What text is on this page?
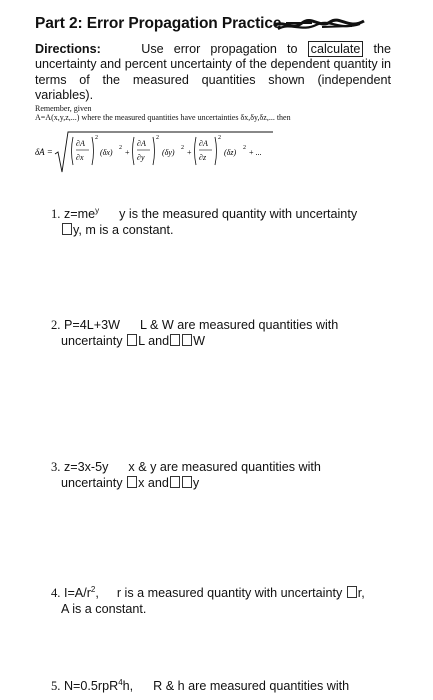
Part 2: Error Propagation Practice-
Directions:	Use error propagation to calculate the uncertainty and percent uncertainty of the dependent quantity in terms of the measured quantities shown (independent variables).
Remember, given
A=A(x,y,z,...) where the measured quantities have uncertainties δx,δy,δz,... then
δA =
∂A
∂x
2
(δx) 2 +
∂A
∂y
2
(δy) 2 +
∂A
∂z
2
(δz) 2 + ...
1. $z=me^y$ y is the measured quantity with uncertainty
y, m is a constant.
2. P=4L+3W L & W are measured quantities with
uncertainty L and W
3. z=3x-5y x & y are measured quantities with
uncertainty x and y
4. $I=A/r^2$, r is a measured quantity with uncertainty r,
A is a constant.
5. N=0.5rpR$^4$h, R & h are measured quantities with
